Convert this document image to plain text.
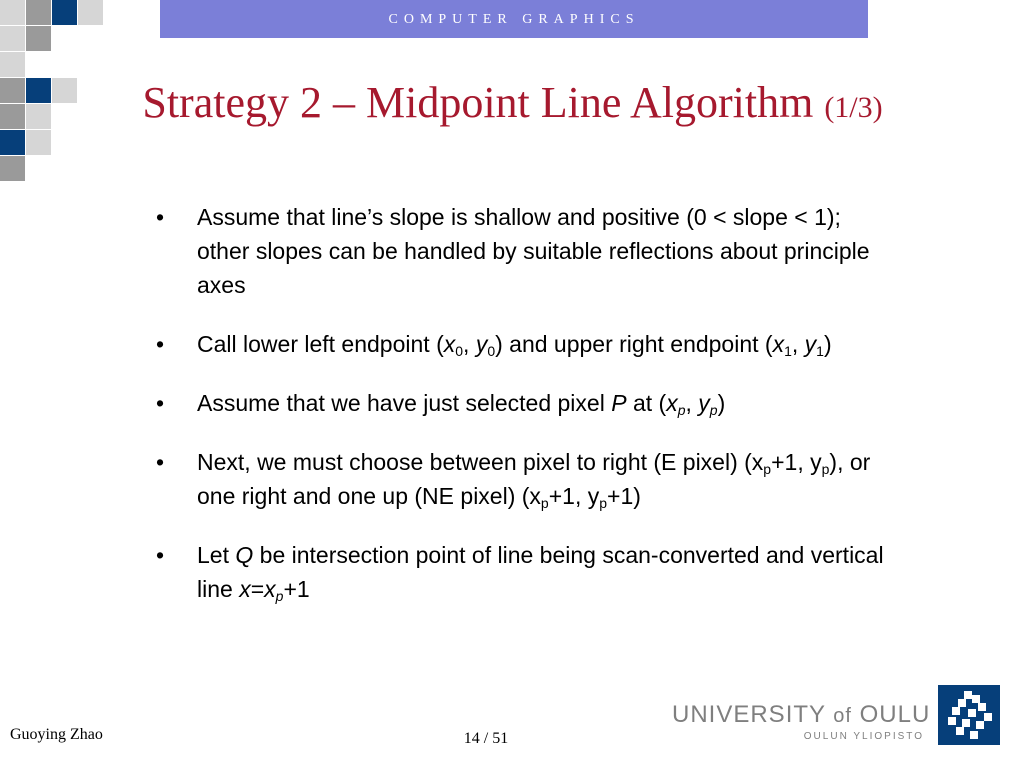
COMPUTER GRAPHICS
Strategy 2 – Midpoint Line Algorithm (1/3)
• Assume that line’s slope is shallow and positive (0 < slope < 1); other slopes can be handled by suitable reflections about principle axes
• Call lower left endpoint ($x_0$, $y_0$) and upper right endpoint ($x_1$, $y_1$)
• Assume that we have just selected pixel P at ($x_p$, $y_p$)
• Next, we must choose between pixel to right (E pixel) ($x_p+1$, $y_p$), or one right and one up (NE pixel) ($x_p+1$, $y_p+1$)
• Let Q be intersection point of line being scan-converted and vertical line $x=x_p+1$
Guoying Zhao	14 / 51
UNIVERSITY of OULU
OULUN YLIOPISTO
